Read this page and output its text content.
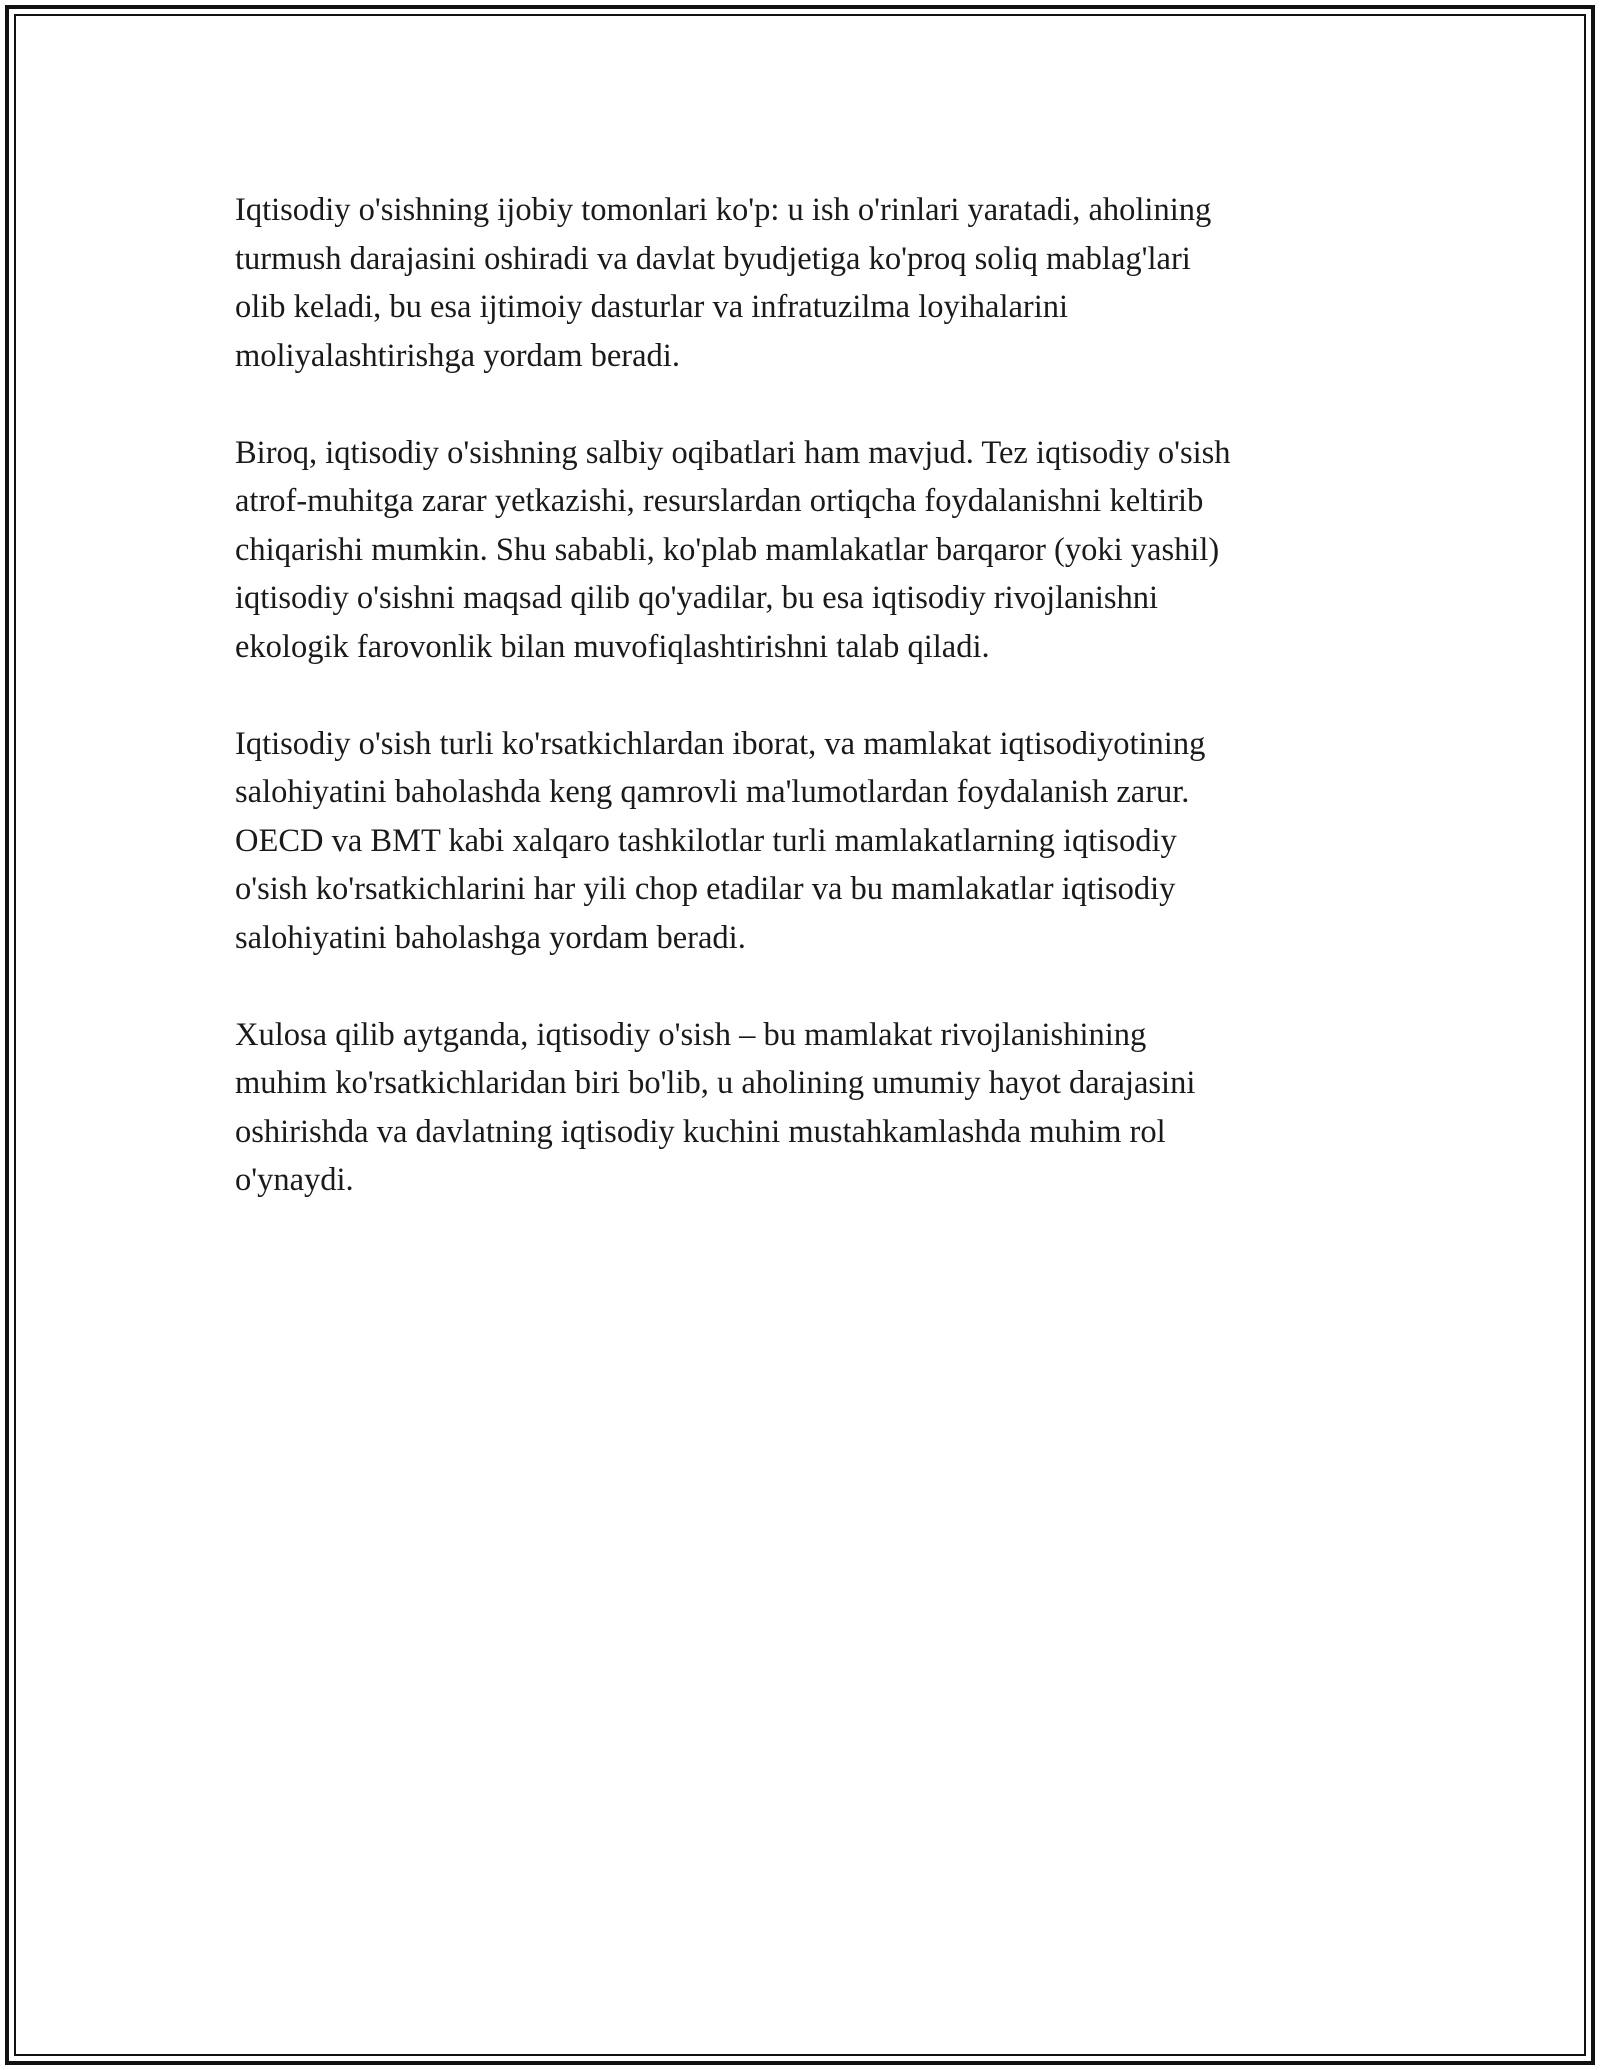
Iqtisodiy o'sishning ijobiy tomonlari ko'p: u ish o'rinlari yaratadi, aholining
turmush darajasini oshiradi va davlat byudjetiga ko'proq soliq mablag'lari
olib keladi, bu esa ijtimoiy dasturlar va infratuzilma loyihalarini
moliyalashtirishga yordam beradi.

Biroq, iqtisodiy o'sishning salbiy oqibatlari ham mavjud. Tez iqtisodiy o'sish
atrof-muhitga zarar yetkazishi, resurslardan ortiqcha foydalanishni keltirib
chiqarishi mumkin. Shu sababli, ko'plab mamlakatlar barqaror (yoki yashil)
iqtisodiy o'sishni maqsad qilib qo'yadilar, bu esa iqtisodiy rivojlanishni
ekologik farovonlik bilan muvofiqlashtirishni talab qiladi.

Iqtisodiy o'sish turli ko'rsatkichlardan iborat, va mamlakat iqtisodiyotining
salohiyatini baholashda keng qamrovli ma'lumotlardan foydalanish zarur.
OECD va BMT kabi xalqaro tashkilotlar turli mamlakatlarning iqtisodiy
o'sish ko'rsatkichlarini har yili chop etadilar va bu mamlakatlar iqtisodiy
salohiyatini baholashga yordam beradi.

Xulosa qilib aytganda, iqtisodiy o'sish – bu mamlakat rivojlanishining
muhim ko'rsatkichlaridan biri bo'lib, u aholining umumiy hayot darajasini
oshirishda va davlatning iqtisodiy kuchini mustahkamlashda muhim rol
o'ynaydi.
